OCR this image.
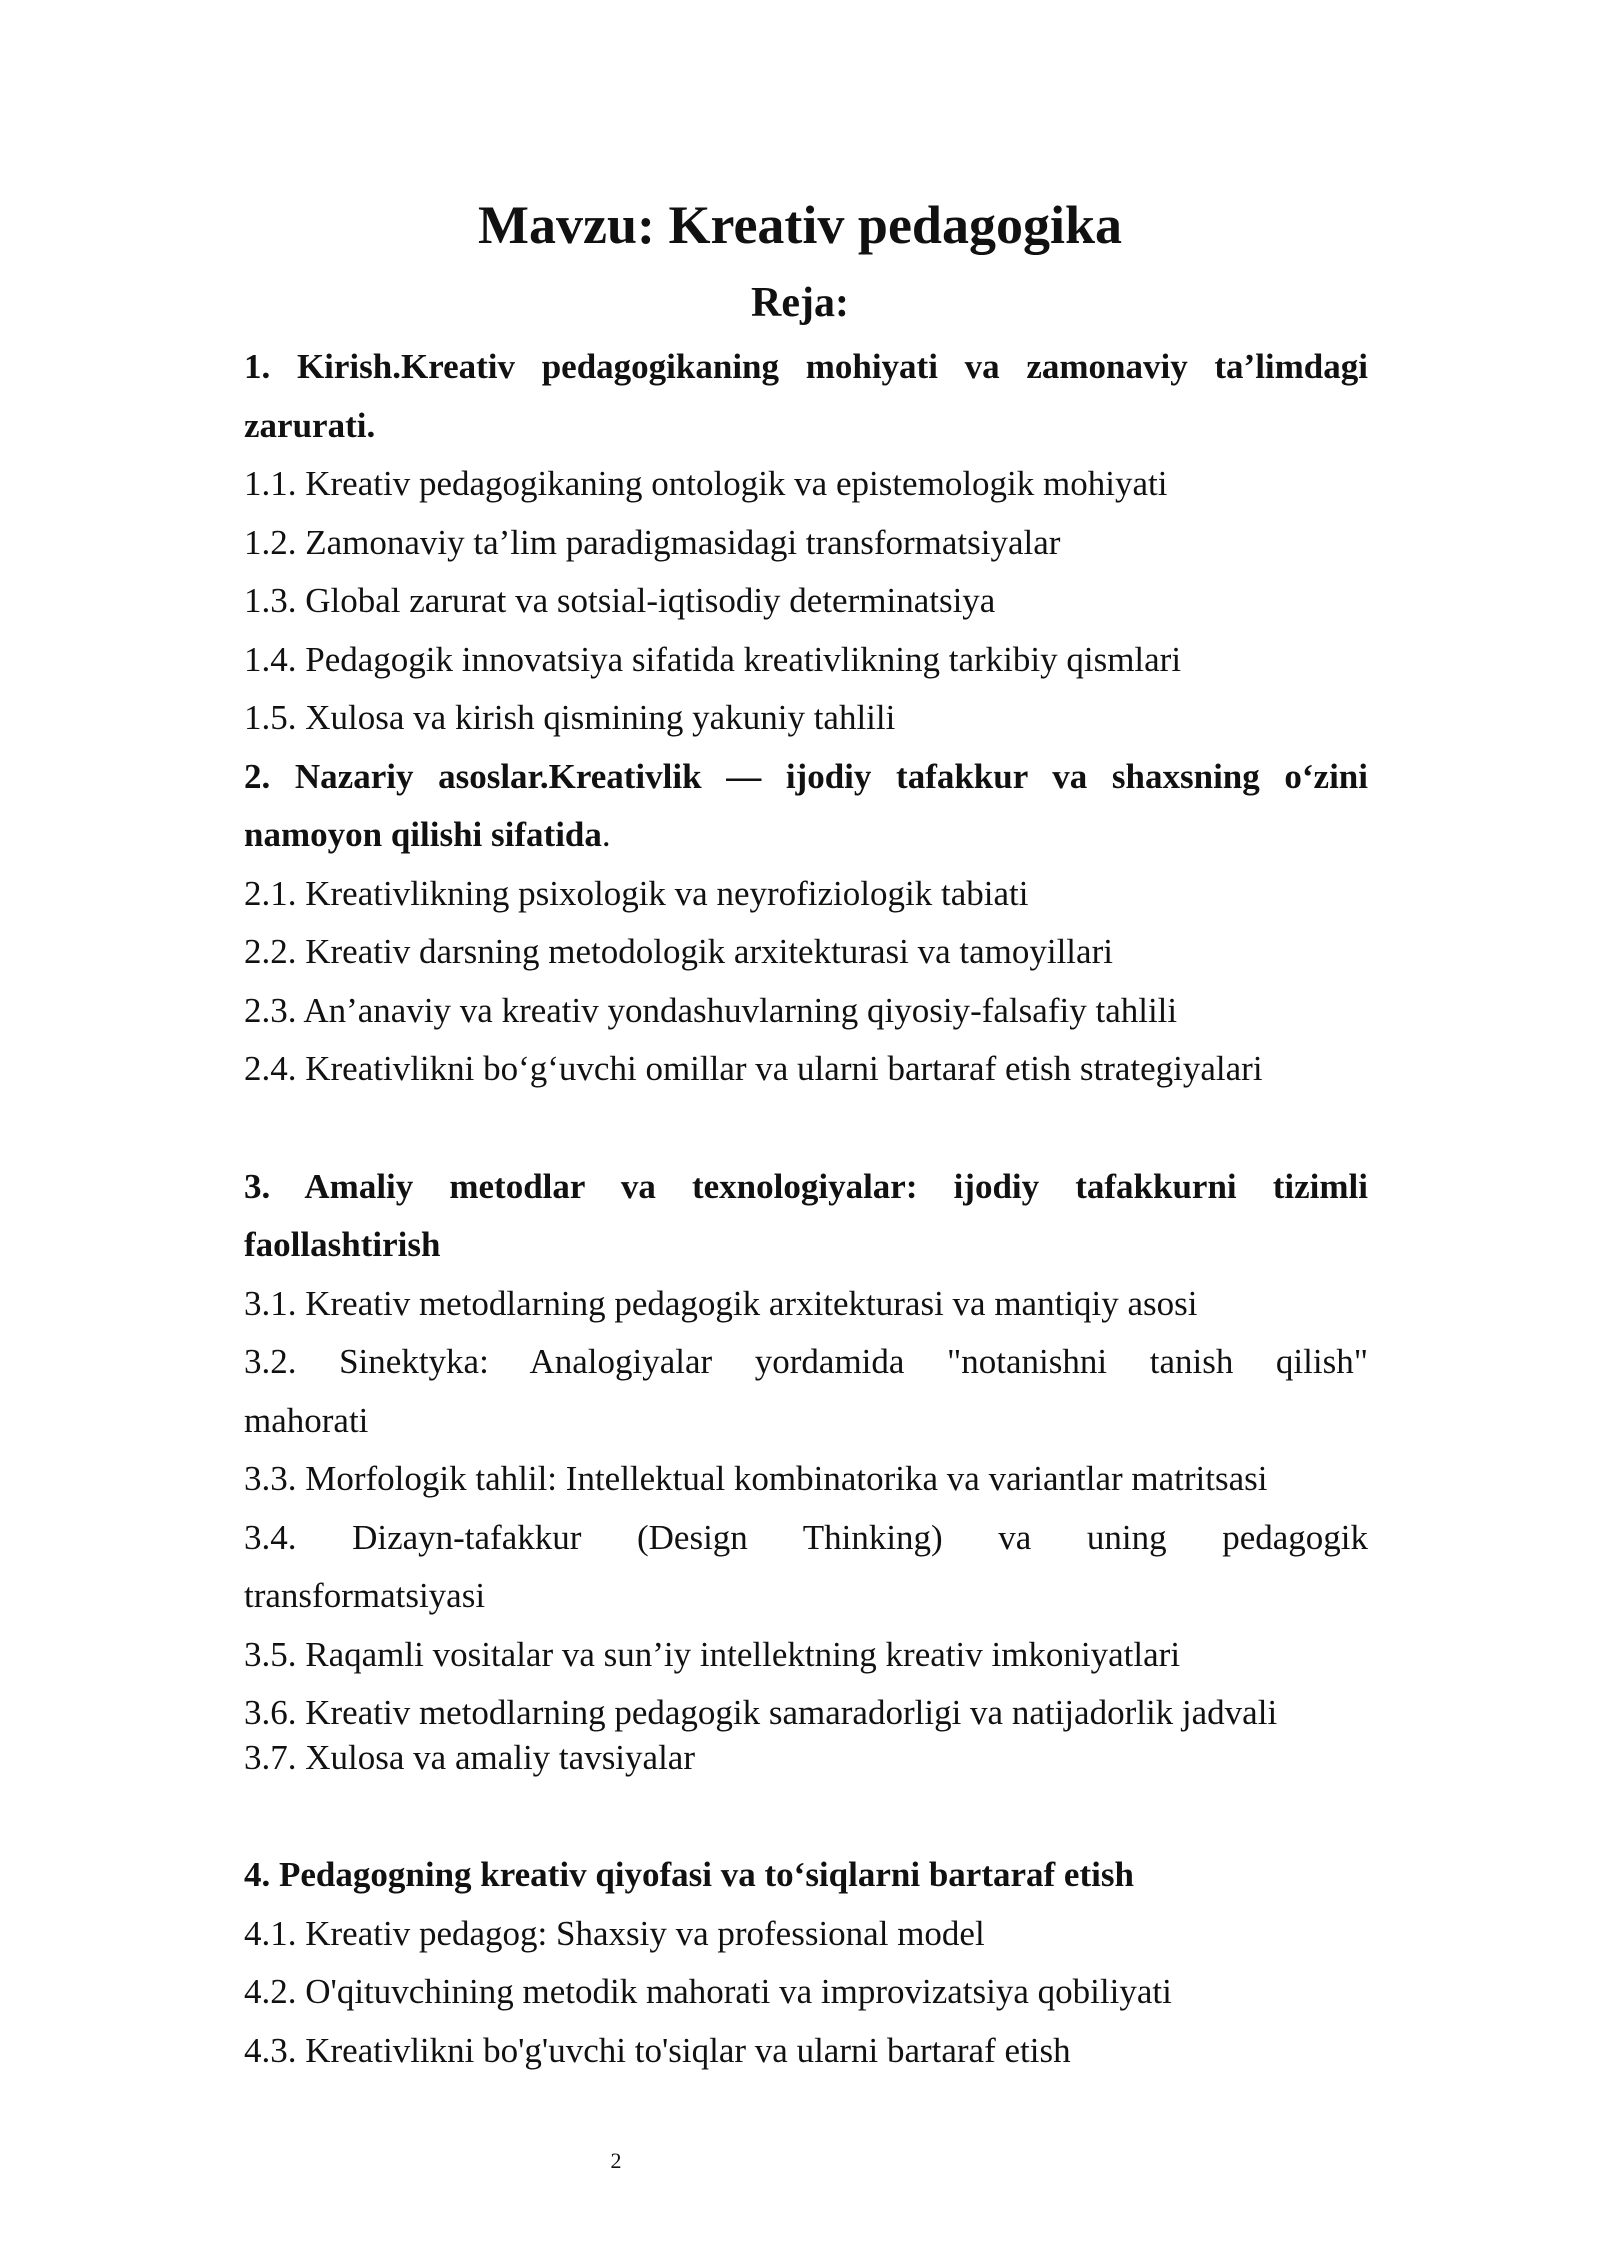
Mavzu: Kreativ pedagogika
Reja:
1. Kirish.Kreativ pedagogikaning mohiyati va zamonaviy ta’limdagi
zarurati.
1.1. Kreativ pedagogikaning ontologik va epistemologik mohiyati
1.2. Zamonaviy ta’lim paradigmasidagi transformatsiyalar
1.3. Global zarurat va sotsial-iqtisodiy determinatsiya
1.4. Pedagogik innovatsiya sifatida kreativlikning tarkibiy qismlari
1.5. Xulosa va kirish qismining yakuniy tahlili
2. Nazariy asoslar.Kreativlik — ijodiy tafakkur va shaxsning o‘zini
namoyon qilishi sifatida.
2.1. Kreativlikning psixologik va neyrofiziologik tabiati
2.2. Kreativ darsning metodologik arxitekturasi va tamoyillari
2.3. An’anaviy va kreativ yondashuvlarning qiyosiy-falsafiy tahlili
2.4. Kreativlikni bo‘g‘uvchi omillar va ularni bartaraf etish strategiyalari
3. Amaliy metodlar va texnologiyalar: ijodiy tafakkurni tizimli
faollashtirish
3.1. Kreativ metodlarning pedagogik arxitekturasi va mantiqiy asosi
3.2. Sinektyka: Analogiyalar yordamida "notanishni tanish qilish"
mahorati
3.3. Morfologik tahlil: Intellektual kombinatorika va variantlar matritsasi
3.4. Dizayn-tafakkur (Design Thinking) va uning pedagogik
transformatsiyasi
3.5. Raqamli vositalar va sun’iy intellektning kreativ imkoniyatlari
3.6. Kreativ metodlarning pedagogik samaradorligi va natijadorlik jadvali
3.7. Xulosa va amaliy tavsiyalar
4. Pedagogning kreativ qiyofasi va to‘siqlarni bartaraf etish
4.1. Kreativ pedagog: Shaxsiy va professional model
4.2. O'qituvchining metodik mahorati va improvizatsiya qobiliyati
4.3. Kreativlikni bo'g'uvchi to'siqlar va ularni bartaraf etish
2
